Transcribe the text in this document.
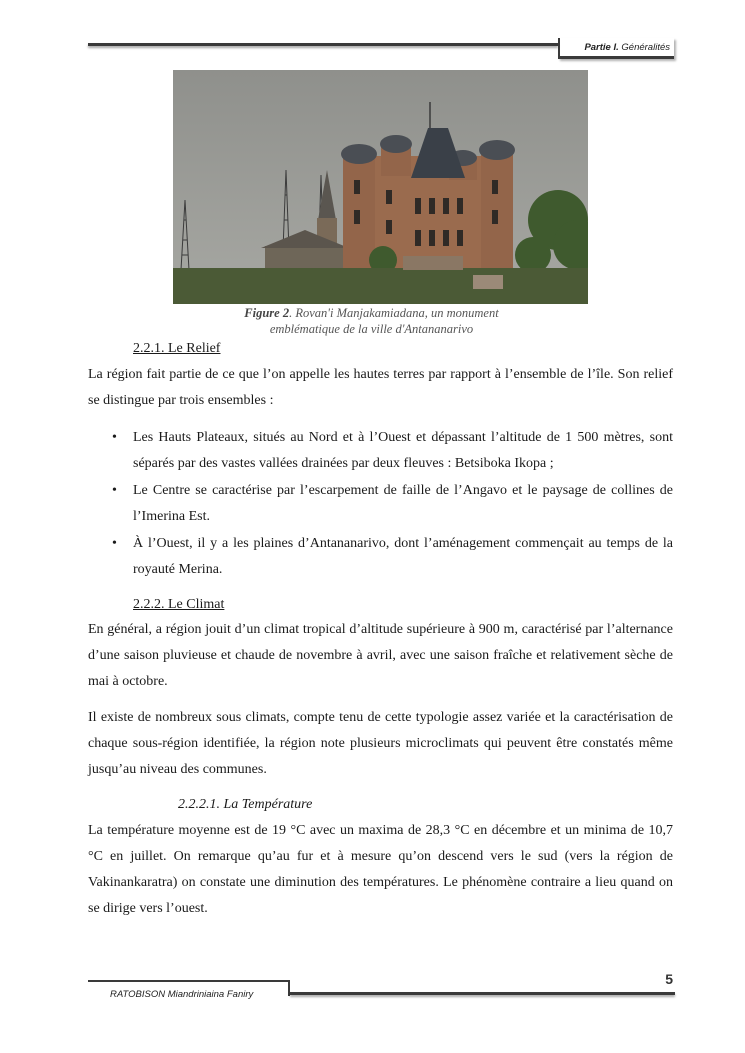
Partie I. Généralités
Figure 2. Rovan'i Manjakamiadana, un monument
emblématique de la ville d'Antananarivo
2.2.1. Le Relief

La région fait partie de ce que l’on appelle les hautes terres par rapport à l’ensemble de l’île. Son relief se distingue par trois ensembles :

• Les Hauts Plateaux, situés au Nord et à l’Ouest et dépassant l’altitude de 1 500 mètres, sont séparés par des vastes vallées drainées par deux fleuves : Betsiboka Ikopa ;
• Le Centre se caractérise par l’escarpement de faille de l’Angavo et le paysage de collines de l’Imerina Est.
• À l’Ouest, il y a les plaines d’Antananarivo, dont l’aménagement commençait au temps de la royauté Merina.
2.2.2. Le Climat

En général, a région jouit d’un climat tropical d’altitude supérieure à 900 m, caractérisé par l’alternance d’une saison pluvieuse et chaude de novembre à avril, avec une saison fraîche et relativement sèche de mai à octobre.

Il existe de nombreux sous climats, compte tenu de cette typologie assez variée et la caractérisation de chaque sous-région identifiée, la région note plusieurs microclimats qui peuvent être constatés même jusqu’au niveau des communes.

2.2.2.1. La Température

La température moyenne est de 19 °C avec un maxima de 28,3 °C en décembre et un minima de 10,7 °C en juillet. On remarque qu’au fur et à mesure qu’on descend vers le sud (vers la région de Vakinankaratra) on constate une diminution des températures. Le phénomène contraire a lieu quand on se dirige vers l’ouest.

5
RATOBISON Miandriniaina Faniry
